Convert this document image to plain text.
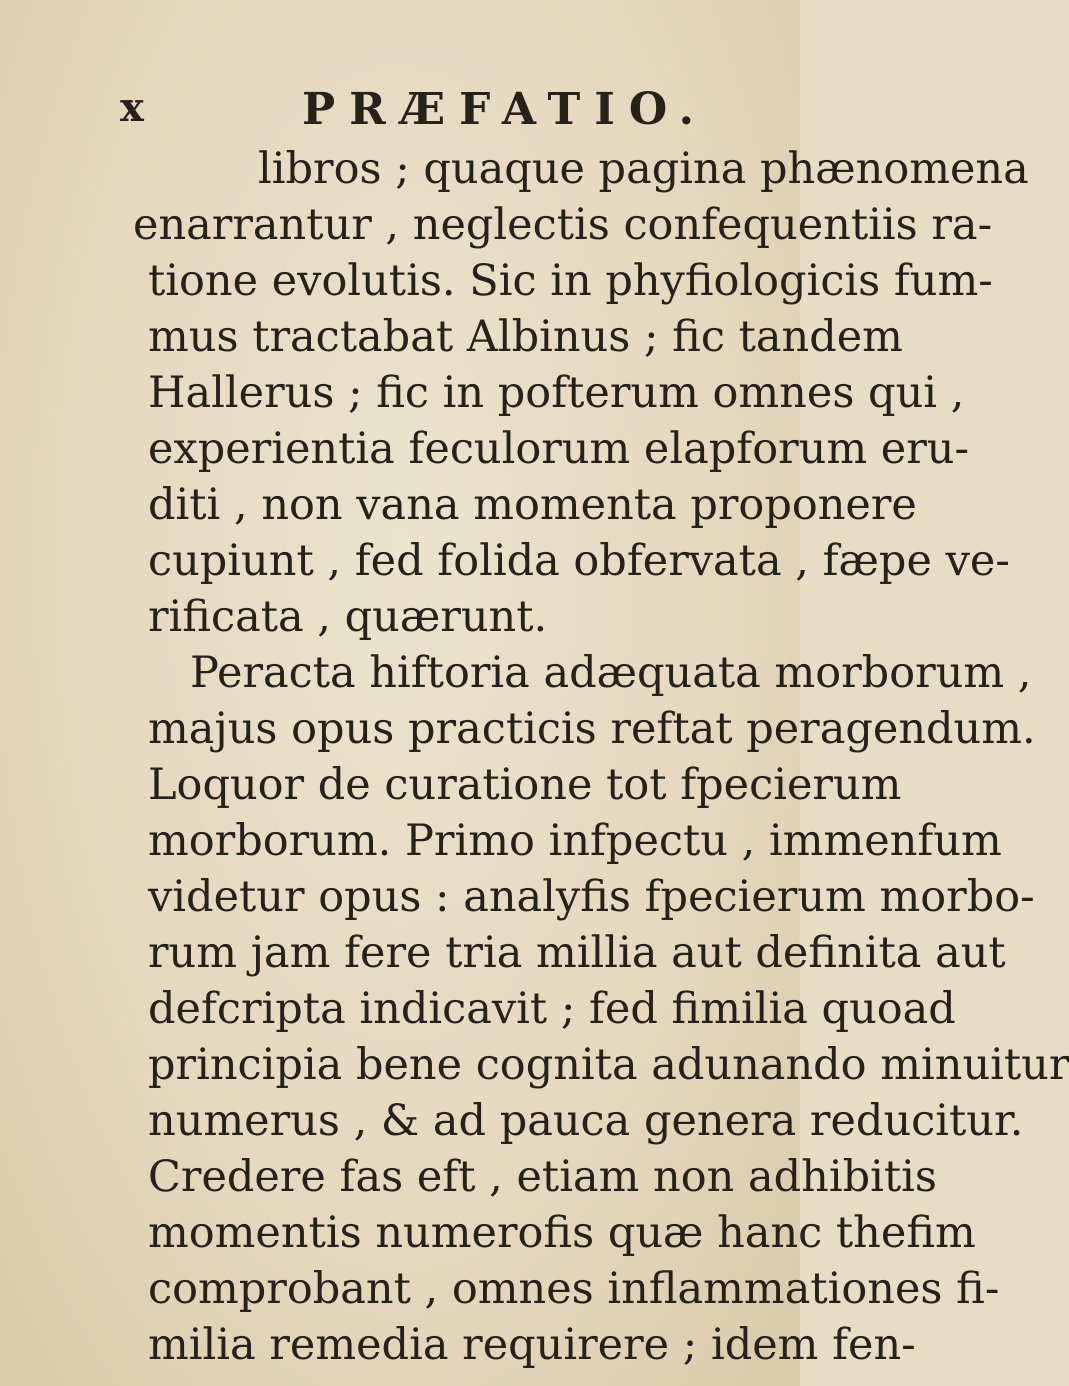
x	PRÆFATIO.
libros ; quaque pagina phænomena
enarrantur , neglectis confequentiis ra-
tione evolutis. Sic in phyfiologicis fum-
mus tractabat Albinus ; fic tandem
Hallerus ; fic in pofterum omnes qui ,
experientia feculorum elapforum eru-
diti , non vana momenta proponere
cupiunt , fed folida obfervata , fæpe ve-
rificata , quærunt.
Peracta hiftoria adæquata morborum ,
majus opus practicis reftat peragendum.
Loquor de curatione tot fpecierum
morborum. Primo infpectu , immenfum
videtur opus : analyfis fpecierum morbo-
rum jam fere tria millia aut definita aut
defcripta indicavit ; fed fimilia quoad
principia bene cognita adunando minuitur
numerus , & ad pauca genera reducitur.
Credere fas eft , etiam non adhibitis
momentis numerofis quæ hanc thefim
comprobant , omnes inflammationes fi-
milia remedia requirere ; idem fen-
